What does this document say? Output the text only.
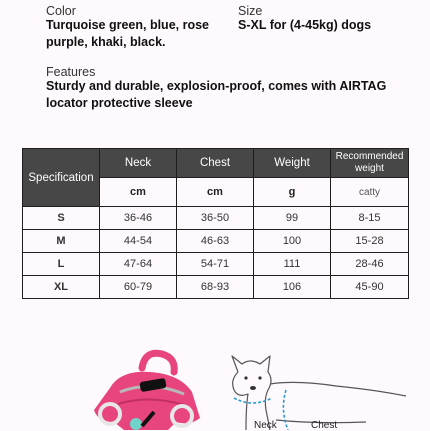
Color
Turquoise green, blue, rose purple, khaki, black.
Size
S-XL for (4-45kg) dogs
Features
Sturdy and durable, explosion-proof, comes with AIRTAG locator protective sleeve
Specification	Neck	Chest	Weight	Recommended weight
	cm	cm	g	catty
S	36-46	36-50	99	8-15
M	44-54	46-63	100	15-28
L	47-64	54-71	111	28-46
XL	60-79	68-93	106	45-90
Neck	Chest
